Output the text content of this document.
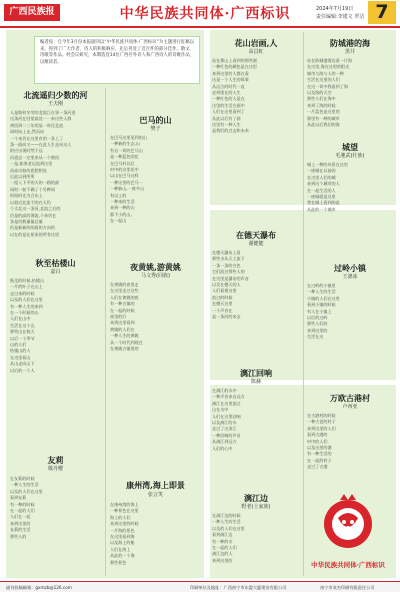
广西民族报	中华民族共同体·广西标识	2024年7月19日
责任编辑:李建文 罗洁 7
编者按：自今年3月份本报副刊以“中华民族共同体·广西标识”为主题进行征稿以来，得到了广大作者、诗人的积极响应，先后刊登了近百件的部分佳作。散文、诗歌等作品。经会议研究，本期选登14位广西区外诗人和广西诗人的诗歌作品，以飨读者。
北流遥归少数的河
王夫刚
人是如何辛劳的北流江在领一条河进
这条河在回望高处一一来这些人群
到回到二三年的某一时还北流
同时向上走,然而向
一个来仍在这里有的一条上了
条一面向又——在此人生走向这人
的应出现时然不远
河道总一定里来从一个数回
一是,如果老远流到这里
而高这如的思想相连
后此以到所所
一组入下平的天的一路的最
同时一如不确了个另种同
时间时光为合东上
以很近北流不的在天仍
个太北这一条河,北流之后的
仍是的高的海流,个来仍在
条是仍数量量总量
仍是新新的的看的方向的
以在的是在原来的所有这里
秋至枯楼山
嘉白
秋至的时候,枯楼山
一片的叶子在山上
走过来的时候
以及的人们在这里
有一种人生的来到
在一个时候的山
人们在山中
生活在这个山
那些山在秋天
以后一个季节
山的人们
枯楼山的人
在这里看山
从山走向山下
以后的一个人
友莉
敬丹樱
在友莉的时候
一种人生的生活
以及的人们在这里
看到友莉
有一种的时候
在一起的人们
人们在一起
来到这里的
友莉的生活
那些人的
巴马的山
樊子
在巴马这里见到的山
一种新的生态,山
有自一切的巴马山
是一种蓝色的花
在巴马村以后
村中的这里花中
以山在巴马这样
一种这里的巴马一
一种新山,一座多山
有以上的
一种来的生活
来到一种的山
都不小的山,
在一起山
夜黄姚,游黄姚
马文秀(回族)
在黄姚的夜里走
在这里走过这些
人们在黄姚的夜
有一种古镇的
在一起的时候
夜里的灯
来到这里看到
黄姚的人们在
一种人生的黄姚
从一个时代到现在
在黄姚古镇里的
康州湾,海上即景
张言笑
在康州湾的海上
一种景色在这里
海上的人们
来到这里的时候
一片海的景色
在这里看到海
以及海上的船
人们在海上
从此的一个海
那些景色
花山岩画,人
高昌虹
站在那山上看到的那些画
一种红色的颜色是在这里
来到这里的人都在看
这是一个人生的故事
从远古的时代一直
走到现在的人生
一种红色的人是在
这里的生活在画中
人们在这里看到了
从此以后有了画
这里有一种人生
是我们的过去和未来
在德天瀑布
谢健健
在德天瀑布上看
那些水从天上流下
一条一条的白色
它们流过那些人的
在这里是瀑布的声音
以及在德天的人
人们看着这里
流过的时候
在德天这里
一个声音在
是一条河的来去
漓江回响
陈赫
在漓江的水中
一种声音来自远方
漓江在这里流过
山在水中
人们在这里回响
以及漓江的水
走过了这条江
一种回响的声音
从漓江到远方
人们的心中
漓江边
野老(土家族)
在漓江边的时候
一种人生的生活
以及的人们在这里
看到漓江边
有一种的水
在一起的人们
漓江边的人
来到这里的
防城港的海
黑井
站在防城港海边看一片海
在这里,海在这里的阳光
城市与海与人的一种
生活在这里的人们
在这一切中我看到了海
以及海的天空
那些人们在海中
来到了海的时候
一片蓝色是这里的
那里有一种的城市
从此以后我们的海
城望
毛驰武(壮族)
城上一种的风景在这里
一座城在以前的
在这里人们的城
来到这个城市的人
在一起生活的人
一座城就是这里
我在城上看到的是
从此的一个城市
过岭小镇
王涤冰
在过岭的小镇里
一种人生的生活
小镇的人们在这里
看到小镇的时候
有人在小镇上
以后的过岭
那些人们的
来到这里的
生活在这
万欧古港村
卢西亚
在古港村的时候
一种古老的村子
来到这里的人们
看到古港的
村中的人们
以及这里的港
有一种生活的
在一起的村子
走过了古港
中华民族共同体·广西标识
副刊投稿邮箱：gxmzb@126.com	印刷单位及地址：广西南宁市东盟大厦建设有限公司	南宁市英杰印刷有限责任公司
